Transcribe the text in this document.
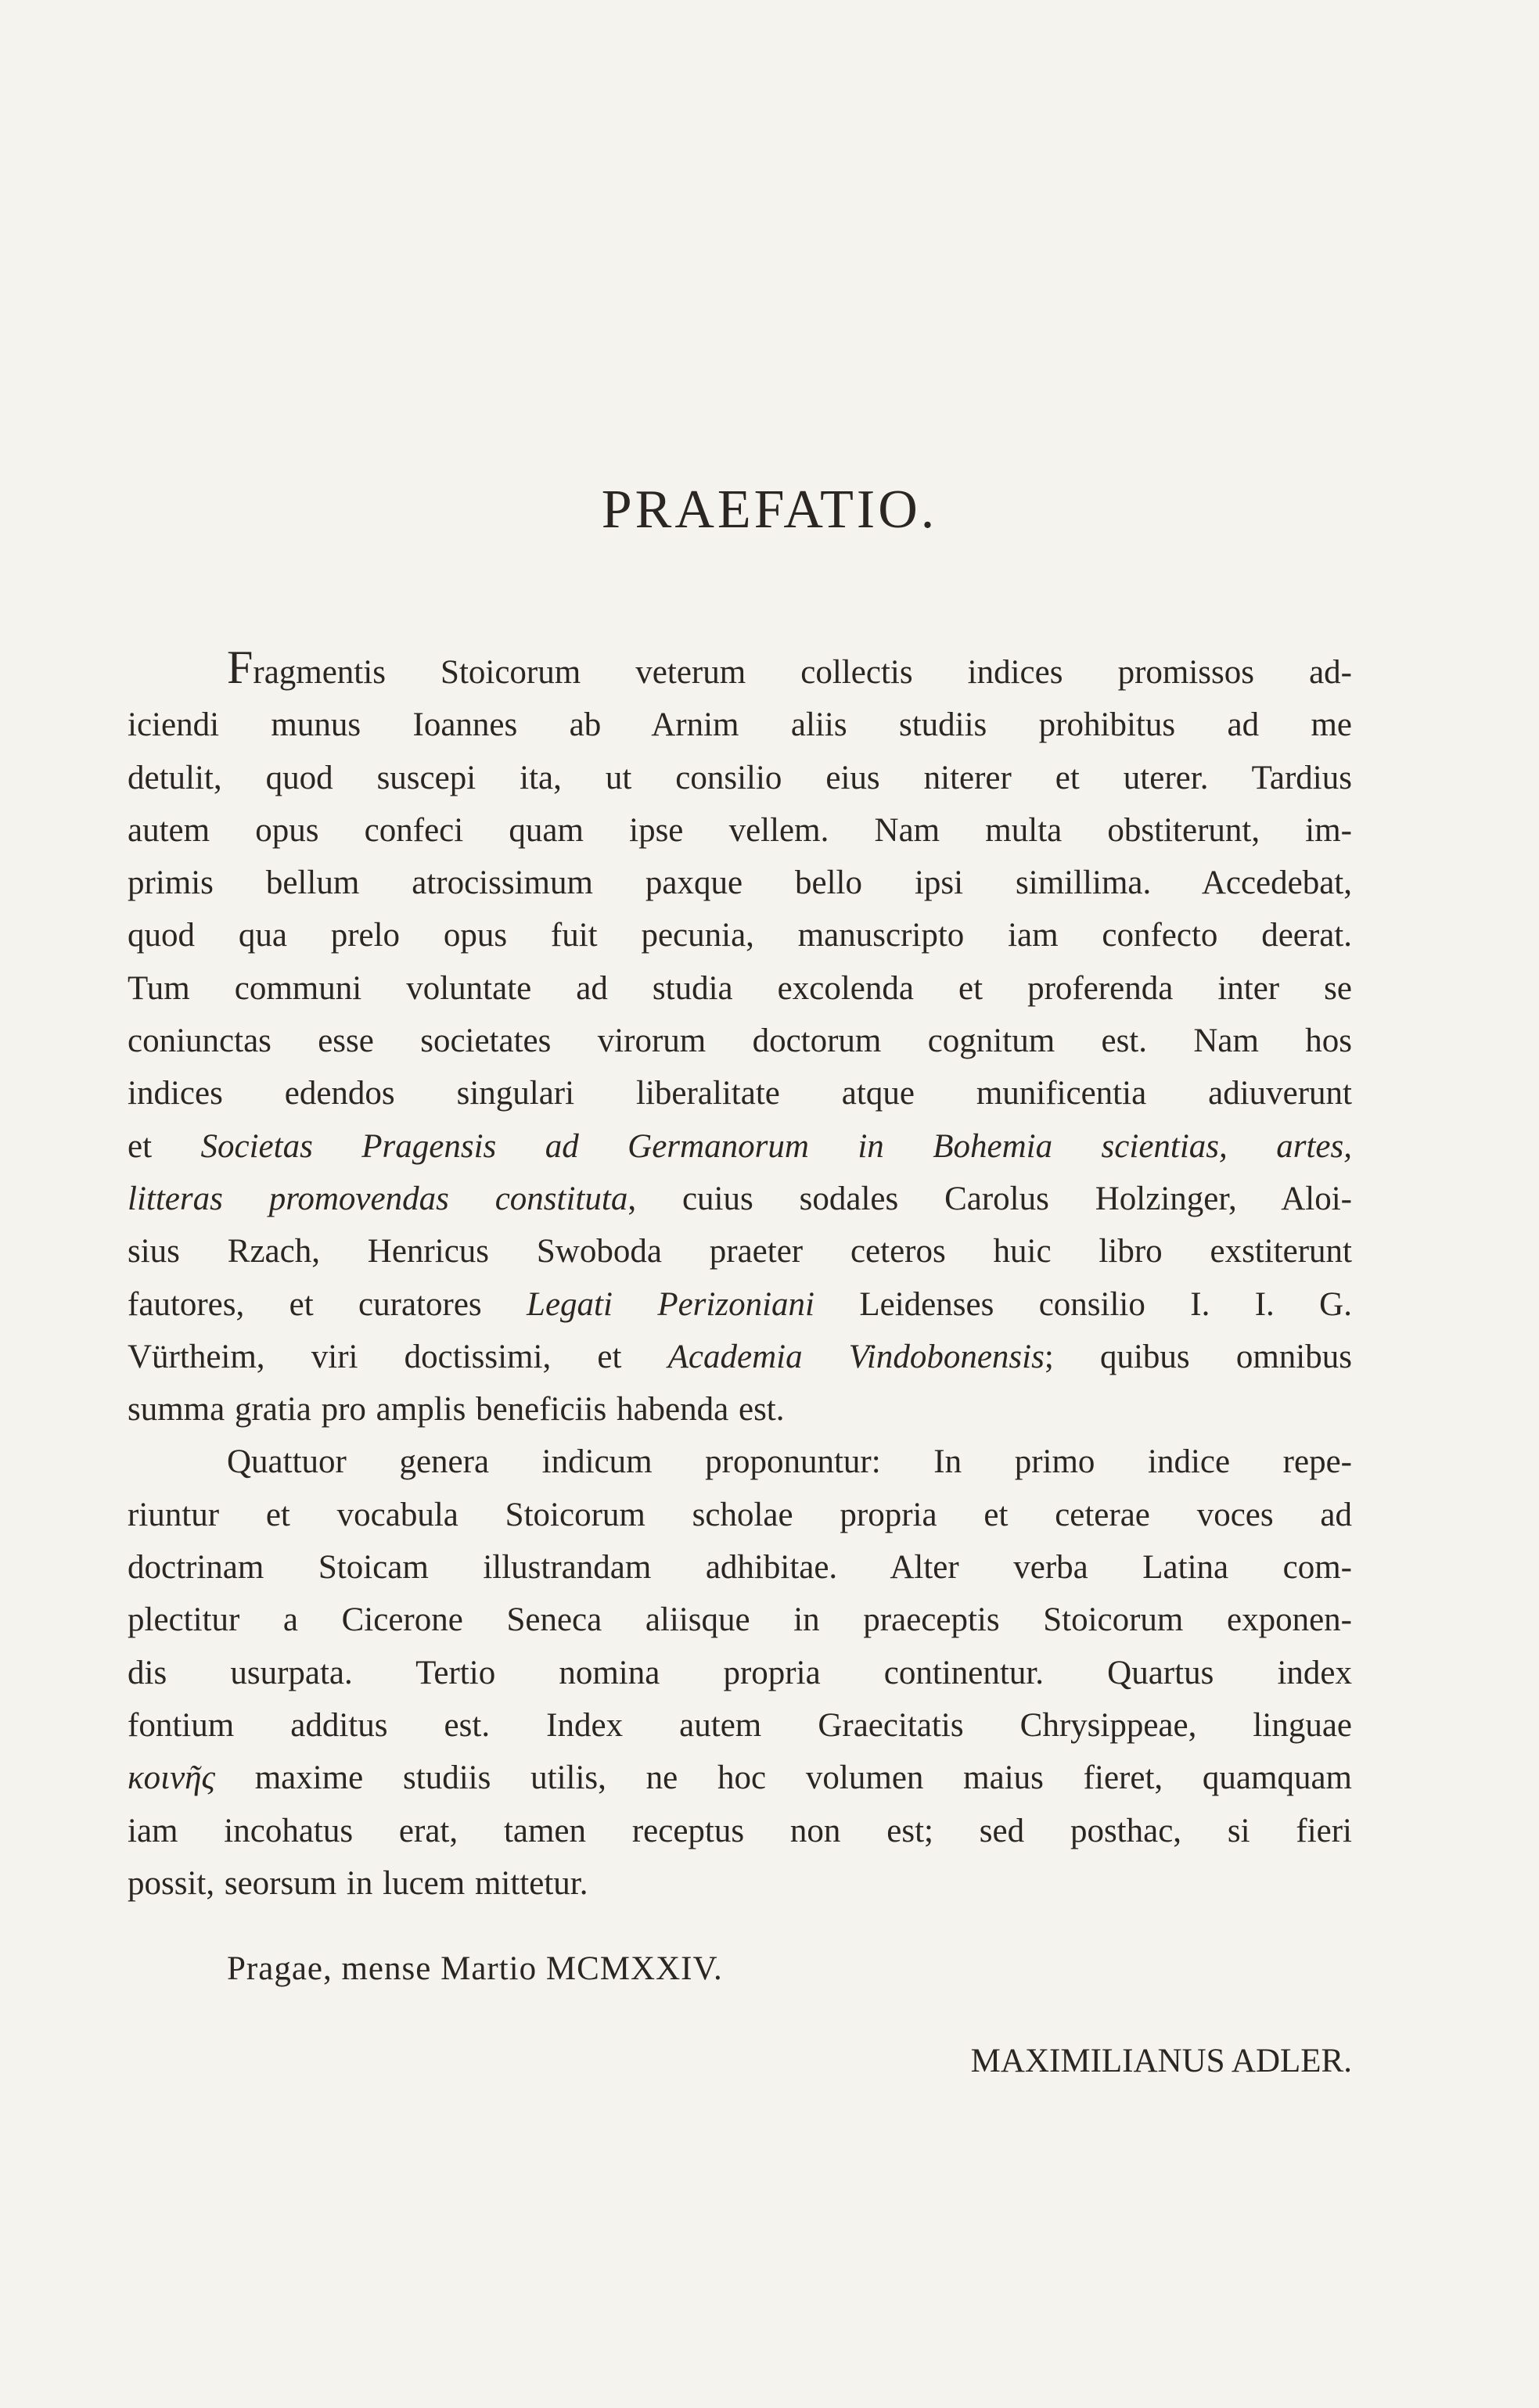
PRAEFATIO.
Fragmentis Stoicorum veterum collectis indices promissos ad-
iciendi munus Ioannes ab Arnim aliis studiis prohibitus ad me
detulit, quod suscepi ita, ut consilio eius niterer et uterer. Tardius
autem opus confeci quam ipse vellem. Nam multa obstiterunt, im-
primis bellum atrocissimum paxque bello ipsi simillima. Accedebat,
quod qua prelo opus fuit pecunia, manuscripto iam confecto deerat.
Tum communi voluntate ad studia excolenda et proferenda inter se
coniunctas esse societates virorum doctorum cognitum est. Nam hos
indices edendos singulari liberalitate atque munificentia adiuverunt
et Societas Pragensis ad Germanorum in Bohemia scientias, artes,
litteras promovendas constituta, cuius sodales Carolus Holzinger, Aloi-
sius Rzach, Henricus Swoboda praeter ceteros huic libro exstiterunt
fautores, et curatores Legati Perizoniani Leidenses consilio I. I. G.
Vürtheim, viri doctissimi, et Academia Vindobonensis; quibus omnibus
summa gratia pro amplis beneficiis habenda est.
Quattuor genera indicum proponuntur: In primo indice repe-
riuntur et vocabula Stoicorum scholae propria et ceterae voces ad
doctrinam Stoicam illustrandam adhibitae. Alter verba Latina com-
plectitur a Cicerone Seneca aliisque in praeceptis Stoicorum exponen-
dis usurpata. Tertio nomina propria continentur. Quartus index
fontium additus est. Index autem Graecitatis Chrysippeae, linguae
κοινῆς maxime studiis utilis, ne hoc volumen maius fieret, quamquam
iam incohatus erat, tamen receptus non est; sed posthac, si fieri
possit, seorsum in lucem mittetur.
Pragae, mense Martio MCMXXIV.
MAXIMILIANUS ADLER.
